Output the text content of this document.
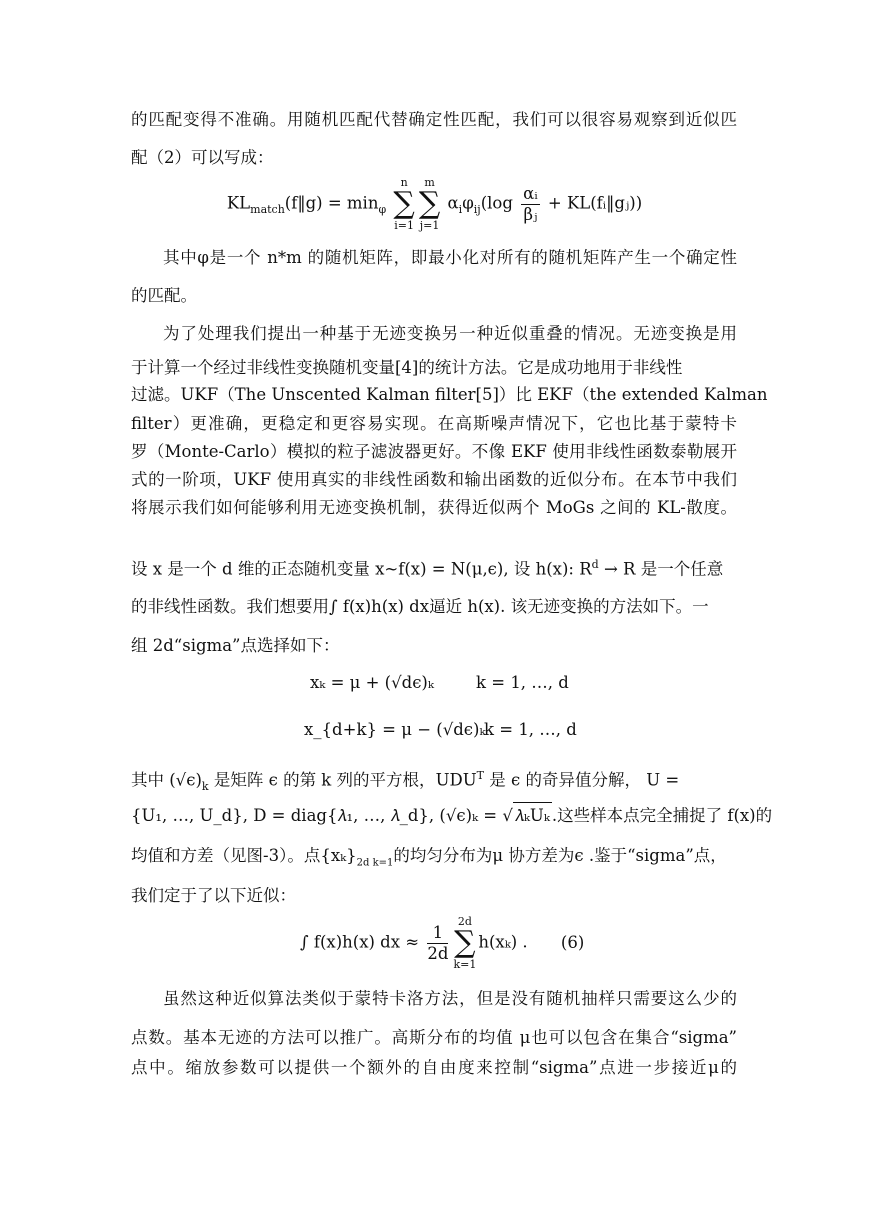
的匹配变得不准确。用随机匹配代替确定性匹配，我们可以很容易观察到近似匹
配（2）可以写成：
$KL_{match}(f‖g) = \min_\varphi$
n
∑
i=1
m
∑
j=1
$\alpha_i\varphi_{ij}(\log \frac{\text{αᵢ}}{\text{βⱼ}}$ + KL(fᵢ‖gⱼ))
其中φ是一个 n*m 的随机矩阵，即最小化对所有的随机矩阵产生一个确定性
的匹配。
为了处理我们提出一种基于无迹变换另一种近似重叠的情况。无迹变换是用
于计算一个经过非线性变换随机变量[4]的统计方法。它是成功地用于非线性
过滤。UKF（The Unscented Kalman filter[5]）比 EKF（the extended Kalman
filter）更准确，更稳定和更容易实现。在高斯噪声情况下，它也比基于蒙特卡
罗（Monte-Carlo）模拟的粒子滤波器更好。不像 EKF 使用非线性函数泰勒展开
式的一阶项，UKF 使用真实的非线性函数和输出函数的近似分布。在本节中我们
将展示我们如何能够利用无迹变换机制，获得近似两个 MoGs 之间的 KL-散度。
设 x 是一个 d 维的正态随机变量 x~f(x) = N(μ,ϵ), 设 h(x): $R^d \to R$ 是一个任意
的非线性函数。我们想要用∫ f(x)h(x) dx逼近 h(x). 该无迹变换的方法如下。一
组 2d“sigma”点选择如下：
xₖ = μ + (√dϵ)ₖ	k = 1, …, d
x_{d+k} = μ − (√dϵ)ₖ
k = 1, …, d
其中 $(√\epsilon)_k$ 是矩阵 ϵ 的第 k 列的平方根，$UDU^T$ 是 ϵ 的奇异值分解， U =
{U₁, …, U_d}, D = diag{𝜆₁, …, 𝜆_d}, (√ϵ)ₖ = √ 𝜆ₖUₖ .这些样本点完全捕捉了 f(x)的
均值和方差（见图-3）。点$\{x_k\}_{2d k=1}$的均匀分布为μ 协方差为ϵ .鉴于“sigma”点，
我们定于了以下近似：
∫ f(x)h(x) dx ≈ $\frac{1}{2d}$
2d
∑
k=1
h(xₖ) . (6)
虽然这种近似算法类似于蒙特卡洛方法，但是没有随机抽样只需要这么少的
点数。基本无迹的方法可以推广。高斯分布的均值 μ也可以包含在集合“sigma”
点中。缩放参数可以提供一个额外的自由度来控制“sigma”点进一步接近μ的
